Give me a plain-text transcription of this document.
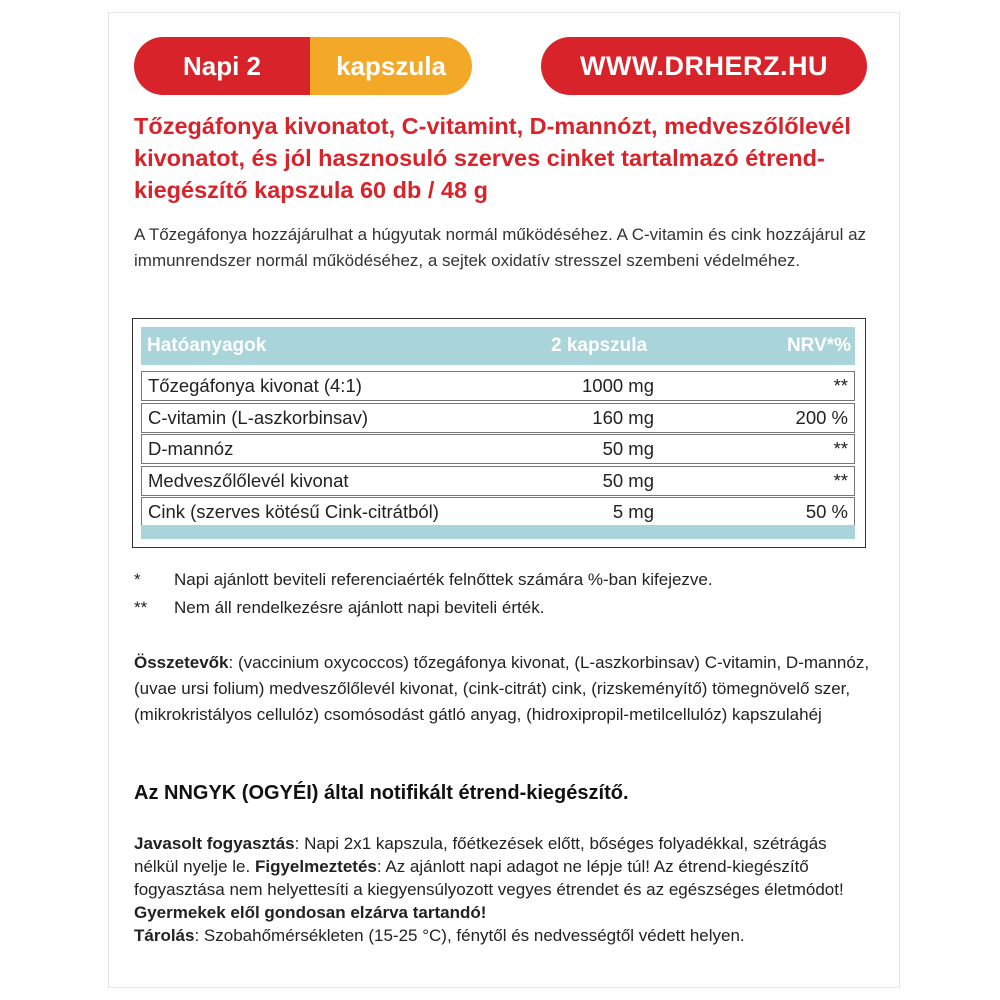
Napi 2	kapszula	WWW.DRHERZ.HU
Tőzegáfonya kivonatot, C-vitamint, D-mannózt, medveszőlőlevél kivonatot, és jól hasznosuló szerves cinket tartalmazó étrend-kiegészítő kapszula 60 db / 48 g
A Tőzegáfonya hozzájárulhat a húgyutak normál működéséhez. A C-vitamin és cink hozzájárul az immunrendszer normál működéséhez, a sejtek oxidatív stresszel szembeni védelméhez.
Hatóanyagok	2 kapszula	NRV*%
Tőzegáfonya kivonat (4:1)	1000 mg	**
C-vitamin (L-aszkorbinsav)	160 mg	200 %
D-mannóz	50 mg	**
Medveszőlőlevél kivonat	50 mg	**
Cink (szerves kötésű Cink-citrátból)	5 mg	50 %
* Napi ajánlott beviteli referenciaérték felnőttek számára %-ban kifejezve.
** Nem áll rendelkezésre ajánlott napi beviteli érték.
Összetevők: (vaccinium oxycoccos) tőzegáfonya kivonat, (L-aszkorbinsav) C-vitamin, D-mannóz, (uvae ursi folium) medveszőlőlevél kivonat, (cink-citrát) cink, (rizskeményítő) tömegnövelő szer, (mikrokristályos cellulóz) csomósodást gátló anyag, (hidroxipropil-metilcellulóz) kapszulahéj
Az NNGYK (OGYÉI) által notifikált étrend-kiegészítő.
Javasolt fogyasztás: Napi 2x1 kapszula, főétkezések előtt, bőséges folyadékkal, szétrágás nélkül nyelje le. Figyelmeztetés: Az ajánlott napi adagot ne lépje túl! Az étrend-kiegészítő fogyasztása nem helyettesíti a kiegyensúlyozott vegyes étrendet és az egészséges életmódot! Gyermekek elől gondosan elzárva tartandó!
Tárolás: Szobahőmérsékleten (15-25 °C), fénytől és nedvességtől védett helyen.
